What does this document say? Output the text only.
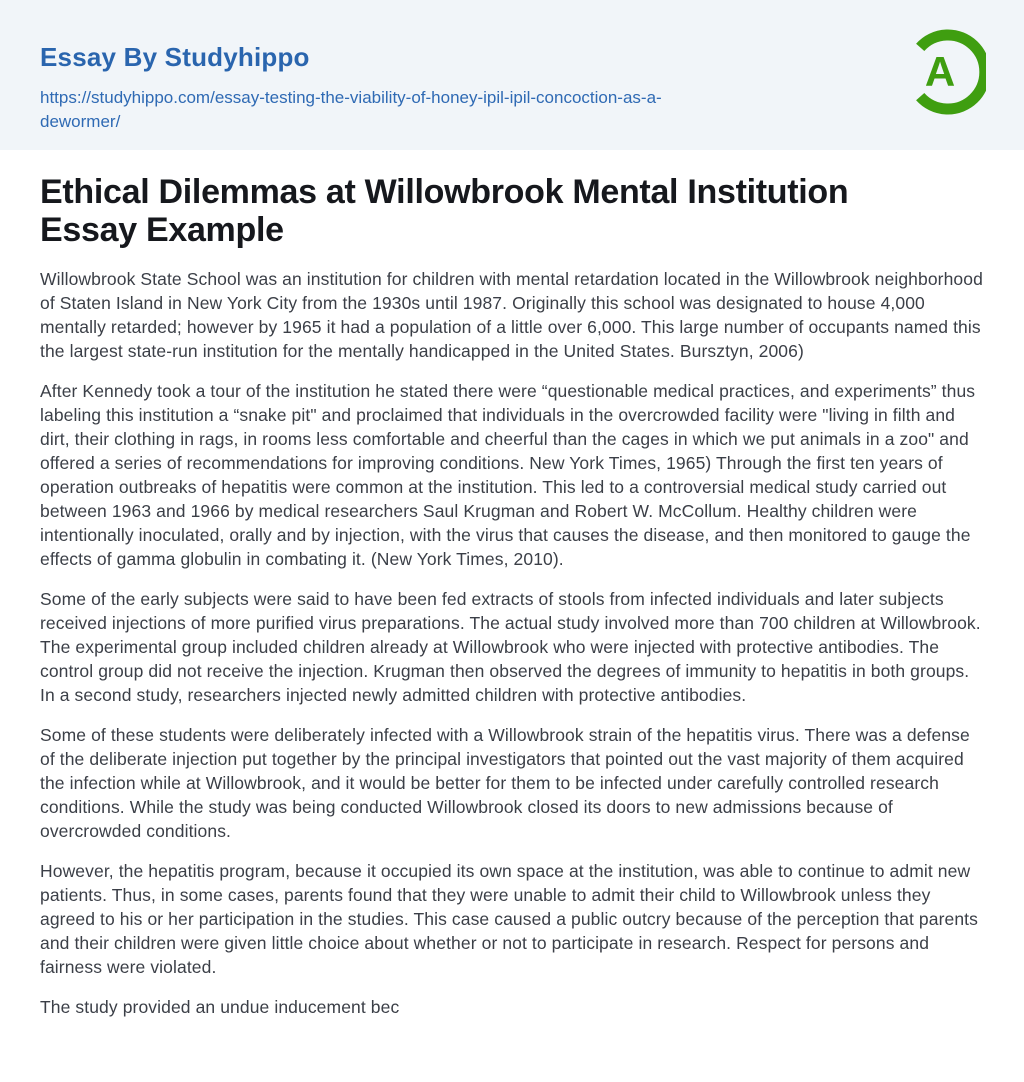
Essay By Studyhippo
https://studyhippo.com/essay-testing-the-viability-of-honey-ipil-ipil-concoction-as-a-dewormer/
A
Ethical Dilemmas at Willowbrook Mental Institution Essay Example

Willowbrook State School was an institution for children with mental retardation located in the Willowbrook neighborhood of Staten Island in New York City from the 1930s until 1987. Originally this school was designated to house 4,000 mentally retarded; however by 1965 it had a population of a little over 6,000. This large number of occupants named this the largest state-run institution for the mentally handicapped in the United States. Bursztyn, 2006)

After Kennedy took a tour of the institution he stated there were “questionable medical practices, and experiments” thus labeling this institution a “snake pit" and proclaimed that individuals in the overcrowded facility were "living in filth and dirt, their clothing in rags, in rooms less comfortable and cheerful than the cages in which we put animals in a zoo" and offered a series of recommendations for improving conditions. New York Times, 1965) Through the first ten years of operation outbreaks of hepatitis were common at the institution. This led to a controversial medical study carried out between 1963 and 1966 by medical researchers Saul Krugman and Robert W. McCollum. Healthy children were intentionally inoculated, orally and by injection, with the virus that causes the disease, and then monitored to gauge the effects of gamma globulin in combating it. (New York Times, 2010).

Some of the early subjects were said to have been fed extracts of stools from infected individuals and later subjects received injections of more purified virus preparations. The actual study involved more than 700 children at Willowbrook. The experimental group included children already at Willowbrook who were injected with protective antibodies. The control group did not receive the injection. Krugman then observed the degrees of immunity to hepatitis in both groups. In a second study, researchers injected newly admitted children with protective antibodies.

Some of these students were deliberately infected with a Willowbrook strain of the hepatitis virus. There was a defense of the deliberate injection put together by the principal investigators that pointed out the vast majority of them acquired the infection while at Willowbrook, and it would be better for them to be infected under carefully controlled research conditions. While the study was being conducted Willowbrook closed its doors to new admissions because of overcrowded conditions.

However, the hepatitis program, because it occupied its own space at the institution, was able to continue to admit new patients. Thus, in some cases, parents found that they were unable to admit their child to Willowbrook unless they agreed to his or her participation in the studies. This case caused a public outcry because of the perception that parents and their children were given little choice about whether or not to participate in research. Respect for persons and fairness were violated.

The study provided an undue inducement bec
